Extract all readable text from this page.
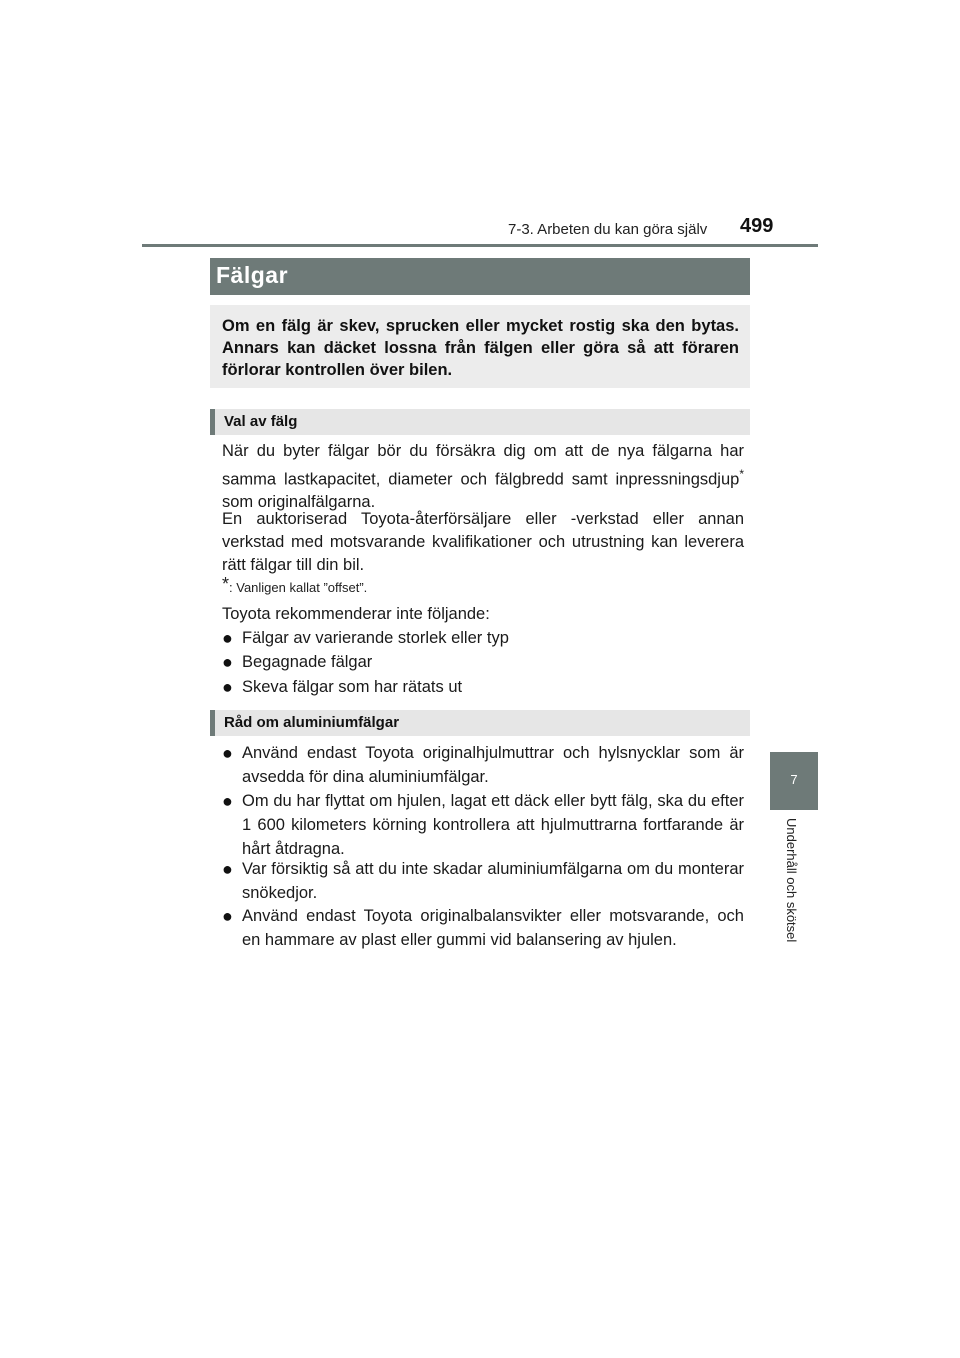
7-3. Arbeten du kan göra själv 499
7
Underhåll och skötsel
Fälgar

Om en fälg är skev, sprucken eller mycket rostig ska den bytas. Annars kan däcket lossna från fälgen eller göra så att föraren förlorar kontrollen över bilen.

Val av fälg

När du byter fälgar bör du försäkra dig om att de nya fälgarna har samma lastkapacitet, diameter och fälgbredd samt inpressningsdjup* som originalfälgarna.

En auktoriserad Toyota-återförsäljare eller -verkstad eller annan verkstad med motsvarande kvalifikationer och utrustning kan leverera rätt fälgar till din bil.

*: Vanligen kallat ”offset”.

Toyota rekommenderar inte följande:

● Fälgar av varierande storlek eller typ
● Begagnade fälgar
● Skeva fälgar som har rätats ut
Råd om aluminiumfälgar
● Använd endast Toyota originalhjulmuttrar och hylsnycklar som är avsedda för dina aluminiumfälgar.
● Om du har flyttat om hjulen, lagat ett däck eller bytt fälg, ska du efter 1 600 kilometers körning kontrollera att hjulmuttrarna fortfarande är hårt åtdragna.
● Var försiktig så att du inte skadar aluminiumfälgarna om du monterar snökedjor.
● Använd endast Toyota originalbalansvikter eller motsvarande, och en hammare av plast eller gummi vid balansering av hjulen.
